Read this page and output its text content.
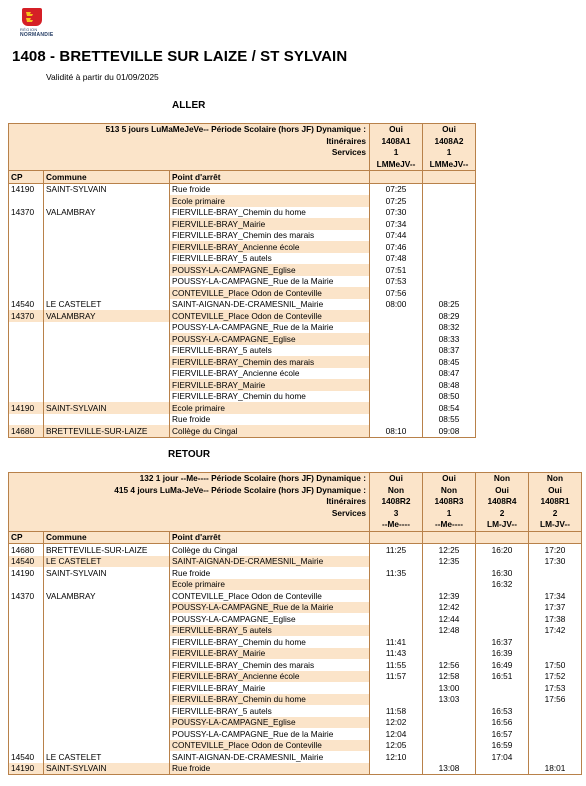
RÉGION
NORMANDIE
1408 - BRETTEVILLE SUR LAIZE / ST SYLVAIN
Validité à partir du 01/09/2025
ALLER
513 5 jours LuMaMeJeVe-- Période Scolaire (hors JF) Dynamique :
Itinéraires
Services			Oui
1408A1
1
LMMeJV--	Oui
1408A2
1
LMMeJV--

CP	Commune	Point d'arrêt		
14190	SAINT-SYLVAIN	Rue froide	07:25	
		Ecole primaire	07:25	
14370	VALAMBRAY	FIERVILLE-BRAY_Chemin du home	07:30	
		FIERVILLE-BRAY_Mairie	07:34	
		FIERVILLE-BRAY_Chemin des marais	07:44	
		FIERVILLE-BRAY_Ancienne école	07:46	
		FIERVILLE-BRAY_5 autels	07:48	
		POUSSY-LA-CAMPAGNE_Eglise	07:51	
		POUSSY-LA-CAMPAGNE_Rue de la Mairie	07:53	
		CONTEVILLE_Place Odon de Conteville	07:56	
14540	LE CASTELET	SAINT-AIGNAN-DE-CRAMESNIL_Mairie	08:00	08:25
14370	VALAMBRAY	CONTEVILLE_Place Odon de Conteville		08:29
		POUSSY-LA-CAMPAGNE_Rue de la Mairie		08:32
		POUSSY-LA-CAMPAGNE_Eglise		08:33
		FIERVILLE-BRAY_5 autels		08:37
		FIERVILLE-BRAY_Chemin des marais		08:45
		FIERVILLE-BRAY_Ancienne école		08:47
		FIERVILLE-BRAY_Mairie		08:48
		FIERVILLE-BRAY_Chemin du home		08:50
14190	SAINT-SYLVAIN	Ecole primaire		08:54
		Rue froide		08:55
14680	BRETTEVILLE-SUR-LAIZE	Collège du Cingal	08:10	09:08
RETOUR
132 1 jour --Me---- Période Scolaire (hors JF) Dynamique :
415 4 jours LuMa-JeVe-- Période Scolaire (hors JF) Dynamique :
Itinéraires
Services			Oui
Non
1408R2
3
--Me----	Oui
Non
1408R3
1
--Me----	Non
Oui
1408R4
2
LM-JV--	Non
Oui
1408R1
2
LM-JV--

CP	Commune	Point d'arrêt				
14680	BRETTEVILLE-SUR-LAIZE	Collège du Cingal	11:25	12:25	16:20	17:20
14540	LE CASTELET	SAINT-AIGNAN-DE-CRAMESNIL_Mairie		12:35		17:30
14190	SAINT-SYLVAIN	Rue froide	11:35		16:30	
		Ecole primaire			16:32	
14370	VALAMBRAY	CONTEVILLE_Place Odon de Conteville		12:39		17:34
		POUSSY-LA-CAMPAGNE_Rue de la Mairie		12:42		17:37
		POUSSY-LA-CAMPAGNE_Eglise		12:44		17:38
		FIERVILLE-BRAY_5 autels		12:48		17:42
		FIERVILLE-BRAY_Chemin du home	11:41		16:37	
		FIERVILLE-BRAY_Mairie	11:43		16:39	
		FIERVILLE-BRAY_Chemin des marais	11:55	12:56	16:49	17:50
		FIERVILLE-BRAY_Ancienne école	11:57	12:58	16:51	17:52
		FIERVILLE-BRAY_Mairie		13:00		17:53
		FIERVILLE-BRAY_Chemin du home		13:03		17:56
		FIERVILLE-BRAY_5 autels	11:58		16:53	
		POUSSY-LA-CAMPAGNE_Eglise	12:02		16:56	
		POUSSY-LA-CAMPAGNE_Rue de la Mairie	12:04		16:57	
		CONTEVILLE_Place Odon de Conteville	12:05		16:59	
14540	LE CASTELET	SAINT-AIGNAN-DE-CRAMESNIL_Mairie	12:10		17:04	
14190	SAINT-SYLVAIN	Rue froide		13:08		18:01
